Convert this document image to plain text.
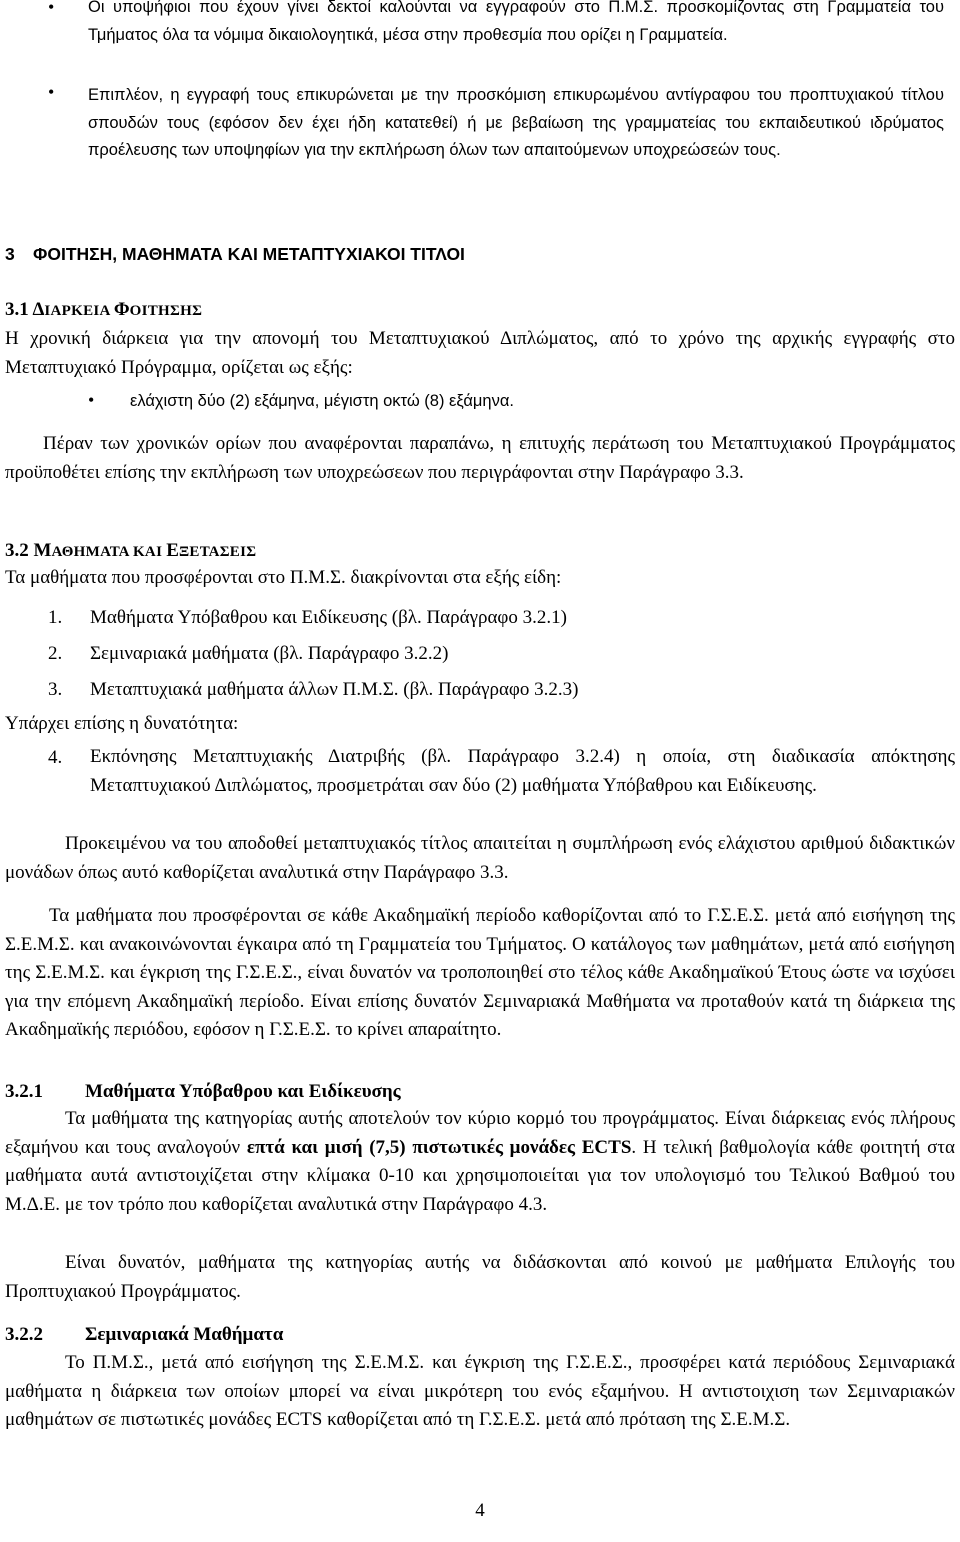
• Οι υποψήφιοι που έχουν γίνει δεκτοί καλούνται να εγγραφούν στο Π.Μ.Σ. προσκομίζοντας στη Γραμματεία του Τμήματος όλα τα νόμιμα δικαιολογητικά, μέσα στην προθεσμία που ορίζει η Γραμματεία.
• Επιπλέον, η εγγραφή τους επικυρώνεται με την προσκόμιση επικυρωμένου αντίγραφου του προπτυχιακού τίτλου σπουδών τους (εφόσον δεν έχει ήδη κατατεθεί) ή με βεβαίωση της γραμματείας του εκπαιδευτικού ιδρύματος προέλευσης των υποψηφίων για την εκπλήρωση όλων των απαιτούμενων υποχρεώσεών τους.
3 ΦΟΙΤΗΣΗ, ΜΑΘΗΜΑΤΑ ΚΑΙ ΜΕΤΑΠΤΥΧΙΑΚΟΙ ΤΙΤΛΟΙ
3.1 ΔΙΑΡΚΕΙΑ ΦΟΙΤΗΣΗΣ
Η χρονική διάρκεια για την απονομή του Μεταπτυχιακού Διπλώματος, από το χρόνο της αρχικής εγγραφής στο Μεταπτυχιακό Πρόγραμμα, ορίζεται ως εξής:
• ελάχιστη δύο (2) εξάμηνα, μέγιστη οκτώ (8) εξάμηνα.
Πέραν των χρονικών ορίων που αναφέρονται παραπάνω, η επιτυχής περάτωση του Μεταπτυχιακού Προγράμματος προϋποθέτει επίσης την εκπλήρωση των υποχρεώσεων που περιγράφονται στην Παράγραφο 3.3.
3.2 ΜΑΘΗΜΑΤΑ ΚΑΙ ΕΞΕΤΑΣΕΙΣ
Τα μαθήματα που προσφέρονται στο Π.Μ.Σ. διακρίνονται στα εξής είδη:
1. Μαθήματα Υπόβαθρου και Ειδίκευσης (βλ. Παράγραφο 3.2.1)
2. Σεμιναριακά μαθήματα (βλ. Παράγραφο 3.2.2)
3. Μεταπτυχιακά μαθήματα άλλων Π.Μ.Σ. (βλ. Παράγραφο 3.2.3)
Υπάρχει επίσης η δυνατότητα:
4. Εκπόνησης Μεταπτυχιακής Διατριβής (βλ. Παράγραφο 3.2.4) η οποία, στη διαδικασία απόκτησης Μεταπτυχιακού Διπλώματος, προσμετράται σαν δύο (2) μαθήματα Υπόβαθρου και Ειδίκευσης.
Προκειμένου να του αποδοθεί μεταπτυχιακός τίτλος απαιτείται η συμπλήρωση ενός ελάχιστου αριθμού διδακτικών μονάδων όπως αυτό καθορίζεται αναλυτικά στην Παράγραφο 3.3.
Τα μαθήματα που προσφέρονται σε κάθε Ακαδημαϊκή περίοδο καθορίζονται από το Γ.Σ.Ε.Σ. μετά από εισήγηση της Σ.Ε.Μ.Σ. και ανακοινώνονται έγκαιρα από τη Γραμματεία του Τμήματος. Ο κατάλογος των μαθημάτων, μετά από εισήγηση της Σ.Ε.Μ.Σ. και έγκριση της Γ.Σ.Ε.Σ., είναι δυνατόν να τροποποιηθεί στο τέλος κάθε Ακαδημαϊκού Έτους ώστε να ισχύσει για την επόμενη Ακαδημαϊκή περίοδο. Είναι επίσης δυνατόν Σεμιναριακά Μαθήματα να προταθούν κατά τη διάρκεια της Ακαδημαϊκής περιόδου, εφόσον η Γ.Σ.Ε.Σ. το κρίνει απαραίτητο.
3.2.1 Μαθήματα Υπόβαθρου και Ειδίκευσης
Τα μαθήματα της κατηγορίας αυτής αποτελούν τον κύριο κορμό του προγράμματος. Είναι διάρκειας ενός πλήρους εξαμήνου και τους αναλογούν επτά και μισή (7,5) πιστωτικές μονάδες ECTS. Η τελική βαθμολογία κάθε φοιτητή στα μαθήματα αυτά αντιστοιχίζεται στην κλίμακα 0-10 και χρησιμοποιείται για τον υπολογισμό του Τελικού Βαθμού του Μ.Δ.Ε. με τον τρόπο που καθορίζεται αναλυτικά στην Παράγραφο 4.3.
Είναι δυνατόν, μαθήματα της κατηγορίας αυτής να διδάσκονται από κοινού με μαθήματα Επιλογής του Προπτυχιακού Προγράμματος.
3.2.2 Σεμιναριακά Μαθήματα
Το Π.Μ.Σ., μετά από εισήγηση της Σ.Ε.Μ.Σ. και έγκριση της Γ.Σ.Ε.Σ., προσφέρει κατά περιόδους Σεμιναριακά μαθήματα η διάρκεια των οποίων μπορεί να είναι μικρότερη του ενός εξαμήνου. Η αντιστοιχιση των Σεμιναριακών μαθημάτων σε πιστωτικές μονάδες ECTS καθορίζεται από τη Γ.Σ.Ε.Σ. μετά από πρόταση της Σ.Ε.Μ.Σ.
4
